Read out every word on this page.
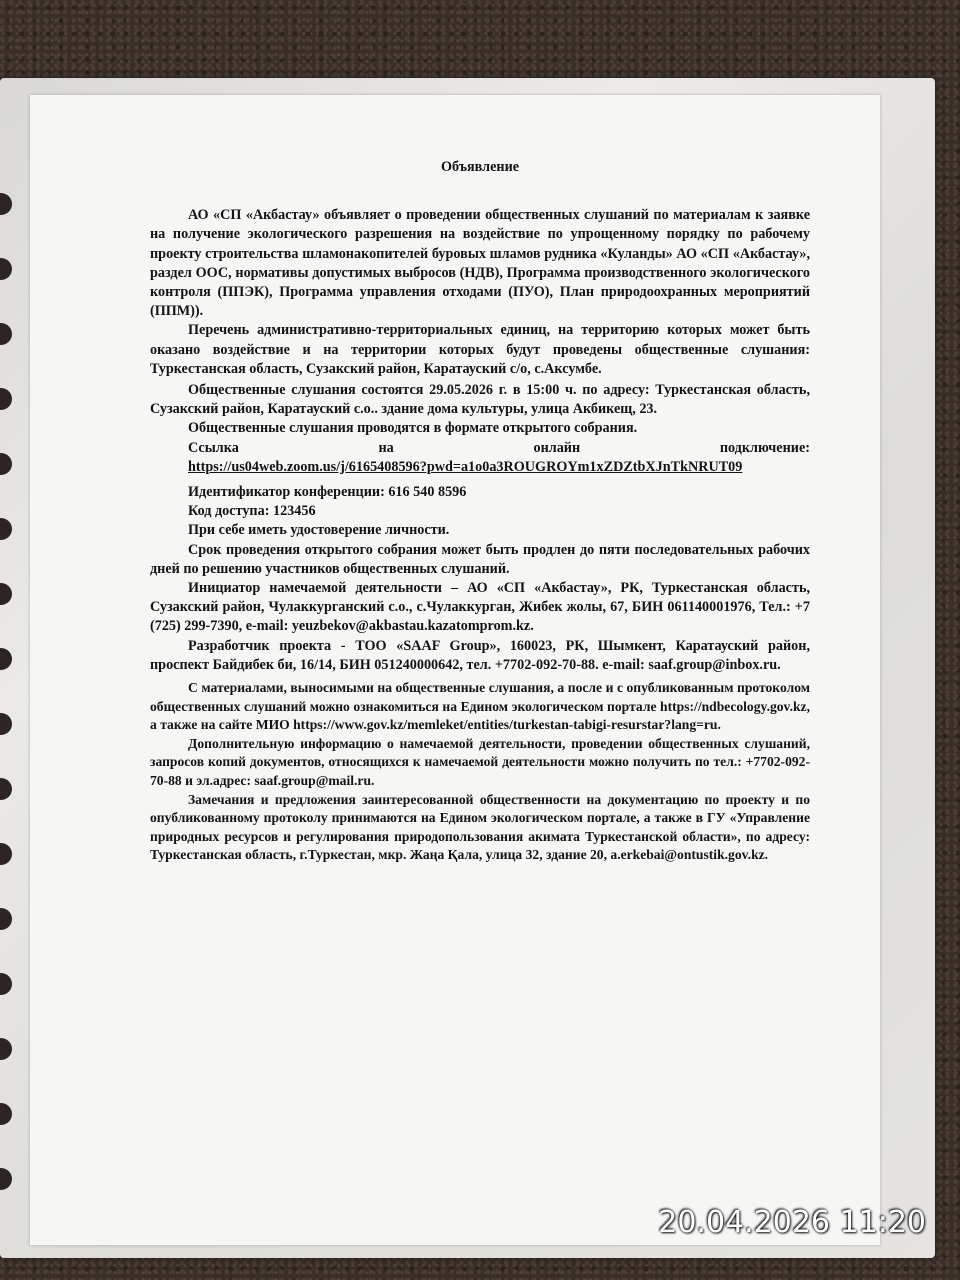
Объявление

АО «СП «Акбастау» объявляет о проведении общественных слушаний по материалам к заявке на получение экологического разрешения на воздействие по упрощенному порядку по рабочему проекту строительства шламонакопителей буровых шламов рудника «Куланды» АО «СП «Акбастау», раздел ООС, нормативы допустимых выбросов (НДВ), Программа производственного экологического контроля (ППЭК), Программа управления отходами (ПУО), План природоохранных мероприятий (ППМ)).

Перечень административно-территориальных единиц, на территорию которых может быть оказано воздействие и на территории которых будут проведены общественные слушания: Туркестанская область, Сузакский район, Каратауский с/о, с.Аксумбе.

Общественные слушания состоятся 29.05.2026 г. в 15:00 ч. по адресу: Туркестанская область, Сузакский район, Каратауский с.о.. здание дома культуры, улица Акбикещ, 23.

Общественные слушания проводятся в формате открытого собрания.

Ссылка	на	онлайн	подключение:

https://us04web.zoom.us/j/6165408596?pwd=a1o0a3ROUGROYm1xZDZtbXJnTkNRUT09

Идентификатор конференции: 616 540 8596

Код доступа: 123456

При себе иметь удостоверение личности.

Срок проведения открытого собрания может быть продлен до пяти последовательных рабочих дней по решению участников общественных слушаний.

Инициатор намечаемой деятельности – АО «СП «Акбастау», РК, Туркестанская область, Сузакский район, Чулаккурганский с.о., с.Чулаккурган, Жибек жолы, 67, БИН 061140001976, Тел.: +7 (725) 299-7390, e-mail: yeuzbekov@akbastau.kazatomprom.kz.

Разработчик проекта - ТОО «SAAF Group», 160023, РК, Шымкент, Каратауский район, проспект Байдибек би, 16/14, БИН 051240000642, тел. +7702-092-70-88. e-mail: saaf.group@inbox.ru.

С материалами, выносимыми на общественные слушания, а после и с опубликованным протоколом общественных слушаний можно ознакомиться на Едином экологическом портале https://ndbecology.gov.kz, а также на сайте МИО https://www.gov.kz/memleket/entities/turkestan-tabigi-resurstar?lang=ru.

Дополнительную информацию о намечаемой деятельности, проведении общественных слушаний, запросов копий документов, относящихся к намечаемой деятельности можно получить по тел.: +7702-092-70-88 и эл.адрес: saaf.group@mail.ru.

Замечания и предложения заинтересованной общественности на документацию по проекту и по опубликованному протоколу принимаются на Едином экологическом портале, а также в ГУ «Управление природных ресурсов и регулирования природопользования акимата Туркестанской области», по адресу: Туркестанская область, г.Туркестан, мкр. Жаңа Қала, улица 32, здание 20, a.erkebai@ontustik.gov.kz.

20.04.2026 11:20
